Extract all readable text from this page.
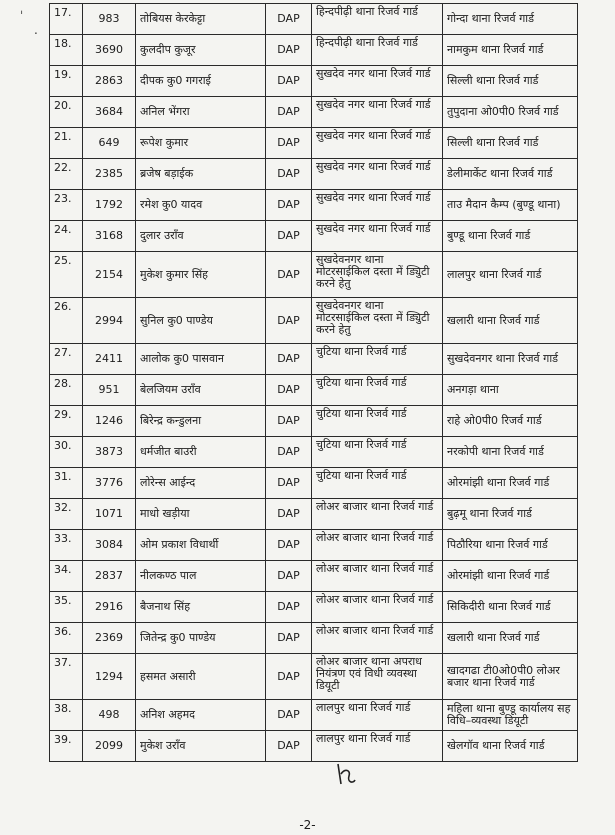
ˈ
.
17.	983	तोबियस केरकेट्टा	DAP	हिन्दपीढ़ी थाना रिजर्व गार्ड	गोन्दा थाना रिजर्व गार्ड
18.	3690	कुलदीप कुजूर	DAP	हिन्दपीढ़ी थाना रिजर्व गार्ड	नामकुम थाना रिजर्व गार्ड
19.	2863	दीपक कु0 गगराई	DAP	सुखदेव नगर थाना रिजर्व गार्ड	सिल्ली थाना रिजर्व गार्ड
20.	3684	अनिल भेंगरा	DAP	सुखदेव नगर थाना रिजर्व गार्ड	तुपुदाना ओ0पी0 रिजर्व गार्ड
21.	649	रूपेश कुमार	DAP	सुखदेव नगर थाना रिजर्व गार्ड	सिल्ली थाना रिजर्व गार्ड
22.	2385	ब्रजेष बड़ाईक	DAP	सुखदेव नगर थाना रिजर्व गार्ड	डेलीमार्केट थाना रिजर्व गार्ड
23.	1792	रमेश कु0 यादव	DAP	सुखदेव नगर थाना रिजर्व गार्ड	ताउ मैदान कैम्प (बुण्डू थाना)
24.	3168	दुलार उराँव	DAP	सुखदेव नगर थाना रिजर्व गार्ड	बुण्डू थाना रिजर्व गार्ड
25.	2154	मुकेश कुमार सिंह	DAP	सुखदेवनगर थाना मोटरसाईकिल दस्ता में ड्यिुटी करने हेतु	लालपुर थाना रिजर्व गार्ड
26.	2994	सुनिल कु0 पाण्डेय	DAP	सुखदेवनगर थाना मोटरसाईकिल दस्ता में ड्यिुटी करने हेतु	खलारी थाना रिजर्व गार्ड
27.	2411	आलोक कु0 पासवान	DAP	चुटिया थाना रिजर्व गार्ड	सुखदेवनगर थाना रिजर्व गार्ड
28.	951	बेलजियम उराँव	DAP	चुटिया थाना रिजर्व गार्ड	अनगड़ा थाना
29.	1246	बिरेन्द्र कन्डुलना	DAP	चुटिया थाना रिजर्व गार्ड	राहे ओ0पी0 रिजर्व गार्ड
30.	3873	धर्मजीत बाउरी	DAP	चुटिया थाना रिजर्व गार्ड	नरकोपी थाना रिजर्व गार्ड
31.	3776	लोरेन्स आईन्द	DAP	चुटिया थाना रिजर्व गार्ड	ओरमांझी थाना रिजर्व गार्ड
32.	1071	माधो खड़ीया	DAP	लोअर बाजार थाना रिजर्व गार्ड	बुढ़मू थाना रिजर्व गार्ड
33.	3084	ओम प्रकाश विधार्थी	DAP	लोअर बाजार थाना रिजर्व गार्ड	पिठौरिया थाना रिजर्व गार्ड
34.	2837	नीलकण्ठ पाल	DAP	लोअर बाजार थाना रिजर्व गार्ड	ओरमांझी थाना रिजर्व गार्ड
35.	2916	बैजनाथ सिंह	DAP	लोअर बाजार थाना रिजर्व गार्ड	सिकिदीरी थाना रिजर्व गार्ड
36.	2369	जितेन्द्र कु0 पाण्डेय	DAP	लोअर बाजार थाना रिजर्व गार्ड	खलारी थाना रिजर्व गार्ड
37.	1294	हसमत असारी	DAP	लोअर बाजार थाना अपराध नियंत्रण एवं विधी व्यवस्था डियूटी	खादगढा टी0ओ0पी0 लोअर बजार थाना रिजर्व गार्ड
38.	498	अनिश अहमद	DAP	लालपुर थाना रिजर्व गार्ड	महिला थाना बुण्डू कार्यालय सह विधि–व्यवस्था डियूटी
39.	2099	मुकेश उराँव	DAP	लालपुर थाना रिजर्व गार्ड	खेलगॉव थाना रिजर्व गार्ड
-2-
